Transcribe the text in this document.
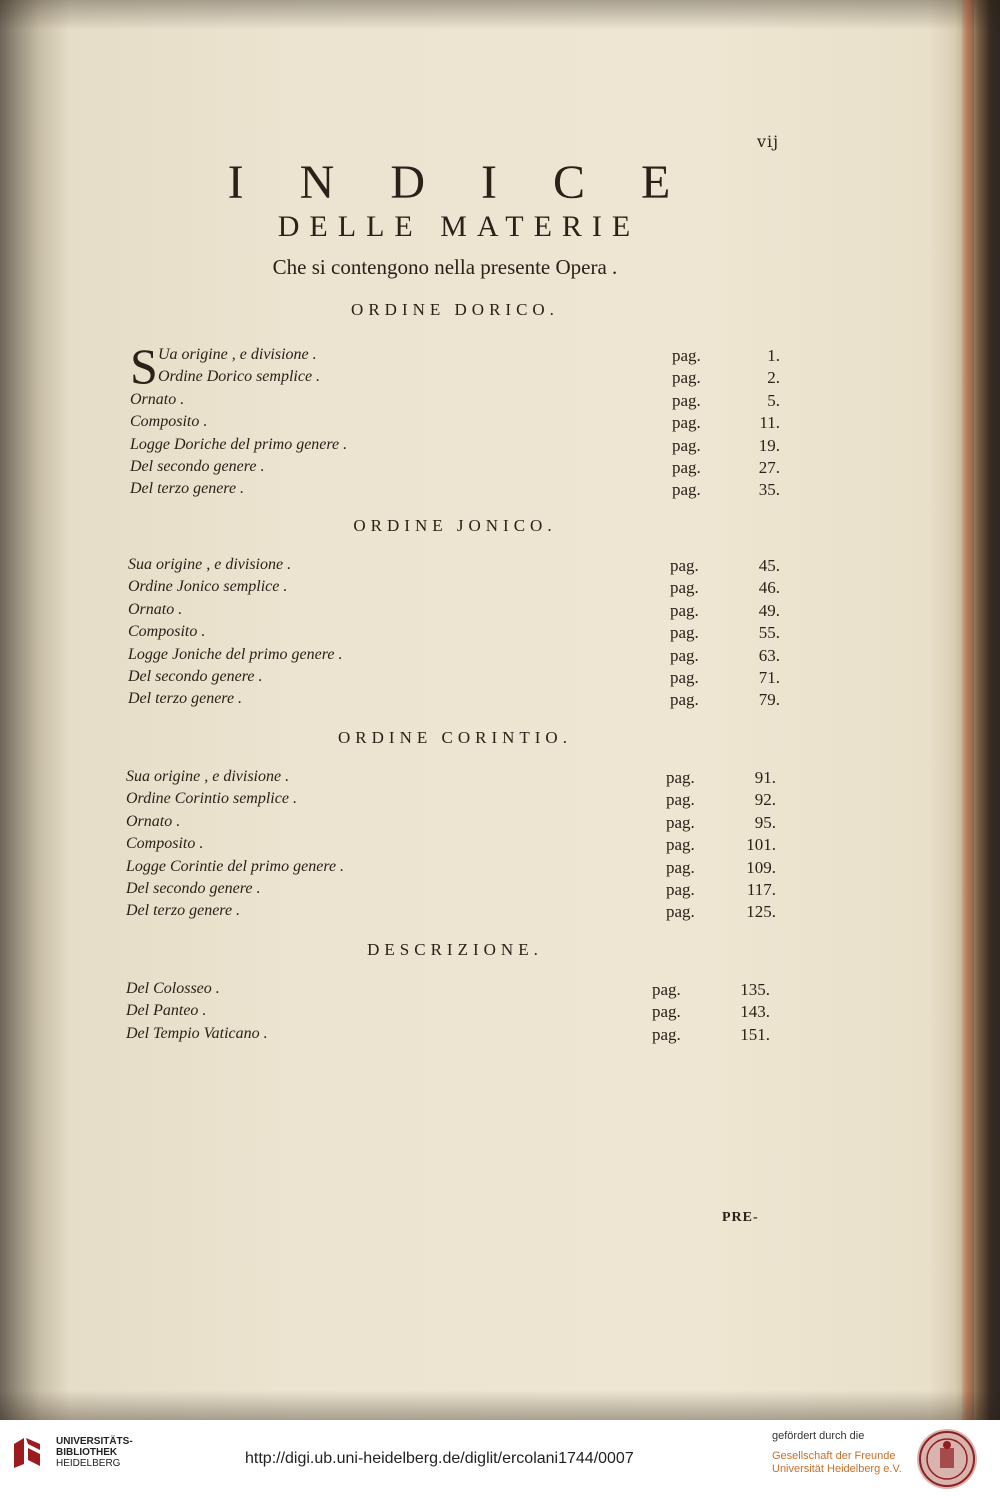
vij
I N D I C E
DELLE MATERIE
Che si contengono nella presente Opera .
S
ORDINE DORICO.
Ua origine , e divisione .	pag.	1.
Ordine Dorico semplice .	pag.	2.
Ornato .	pag.	5.
Composito .	pag.	11.
Logge Doriche del primo genere .	pag.	19.
Del secondo genere .	pag.	27.
Del terzo genere .	pag.	35.
ORDINE JONICO.
Sua origine , e divisione .	pag.	45.
Ordine Jonico semplice .	pag.	46.
Ornato .	pag.	49.
Composito .	pag.	55.
Logge Joniche del primo genere .	pag.	63.
Del secondo genere .	pag.	71.
Del terzo genere .	pag.	79.
ORDINE CORINTIO.
Sua origine , e divisione .	pag.	91.
Ordine Corintio semplice .	pag.	92.
Ornato .	pag.	95.
Composito .	pag.	101.
Logge Corintie del primo genere .	pag.	109.
Del secondo genere .	pag.	117.
Del terzo genere .	pag.	125.
DESCRIZIONE.
Del Colosseo .	pag.	135.
Del Panteo .	pag.	143.
Del Tempio Vaticano .	pag.	151.
PRE-
UNIVERSITÄTS-
BIBLIOTHEK
HEIDELBERG	http://digi.ub.uni-heidelberg.de/diglit/ercolani1744/0007
gefördert durch die
Gesellschaft der Freunde
Universität Heidelberg e.V.
